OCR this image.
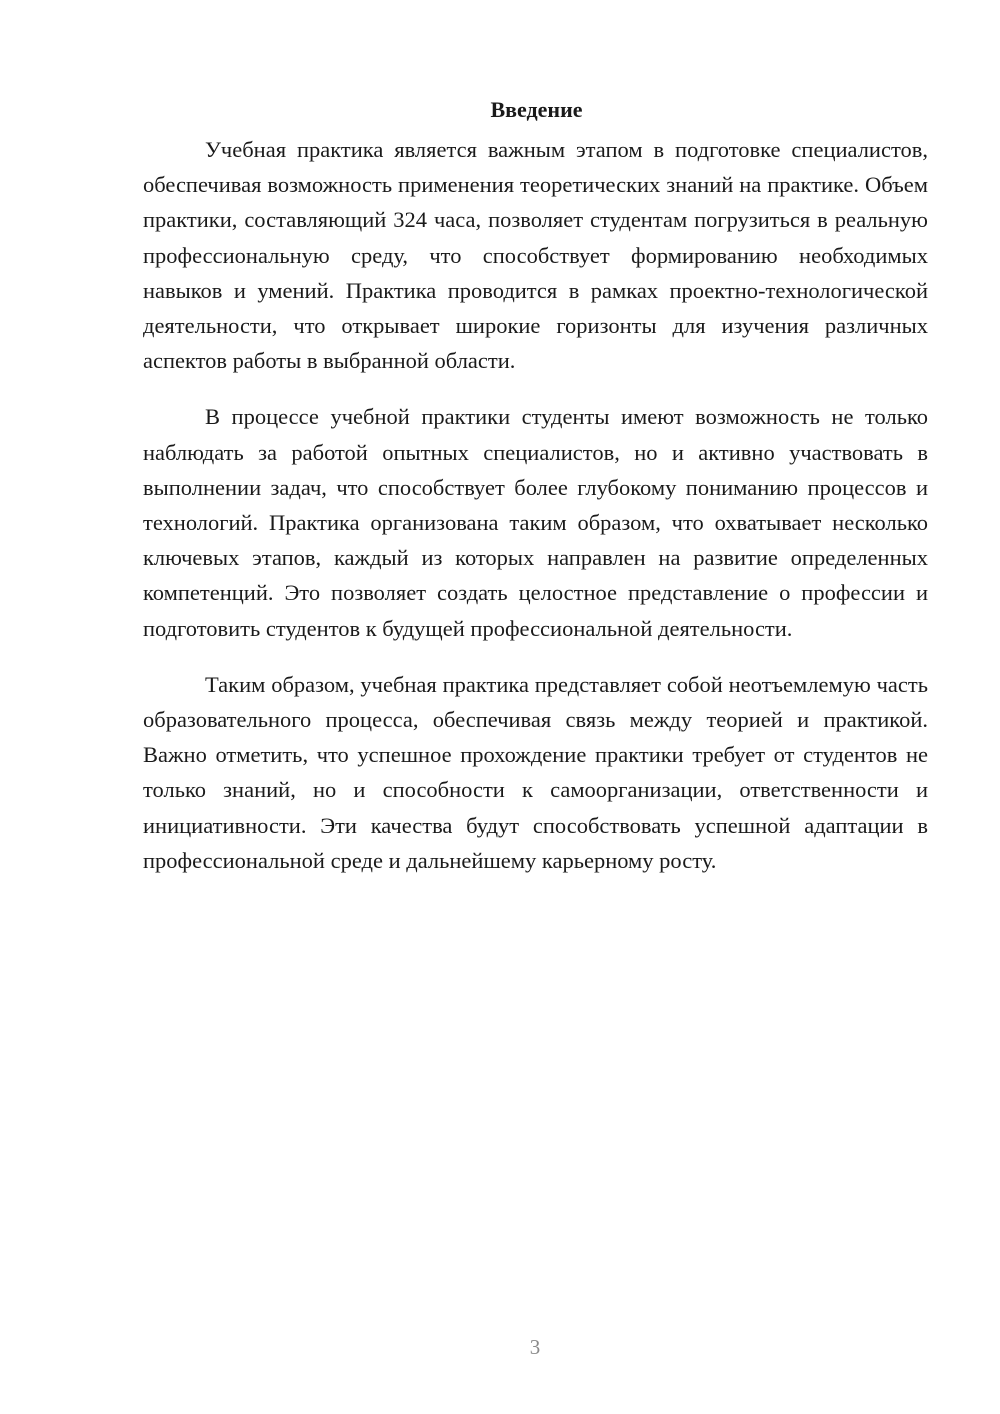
Введение

Учебная практика является важным этапом в подготовке специалистов, обеспечивая возможность применения теоретических знаний на практике. Объем практики, составляющий 324 часа, позволяет студентам погрузиться в реальную профессиональную среду, что способствует формированию необходимых навыков и умений. Практика проводится в рамках проектно-технологической деятельности, что открывает широкие горизонты для изучения различных аспектов работы в выбранной области.

В процессе учебной практики студенты имеют возможность не только наблюдать за работой опытных специалистов, но и активно участвовать в выполнении задач, что способствует более глубокому пониманию процессов и технологий. Практика организована таким образом, что охватывает несколько ключевых этапов, каждый из которых направлен на развитие определенных компетенций. Это позволяет создать целостное представление о профессии и подготовить студентов к будущей профессиональной деятельности.

Таким образом, учебная практика представляет собой неотъемлемую часть образовательного процесса, обеспечивая связь между теорией и практикой. Важно отметить, что успешное прохождение практики требует от студентов не только знаний, но и способности к самоорганизации, ответственности и инициативности. Эти качества будут способствовать успешной адаптации в профессиональной среде и дальнейшему карьерному росту.

3
